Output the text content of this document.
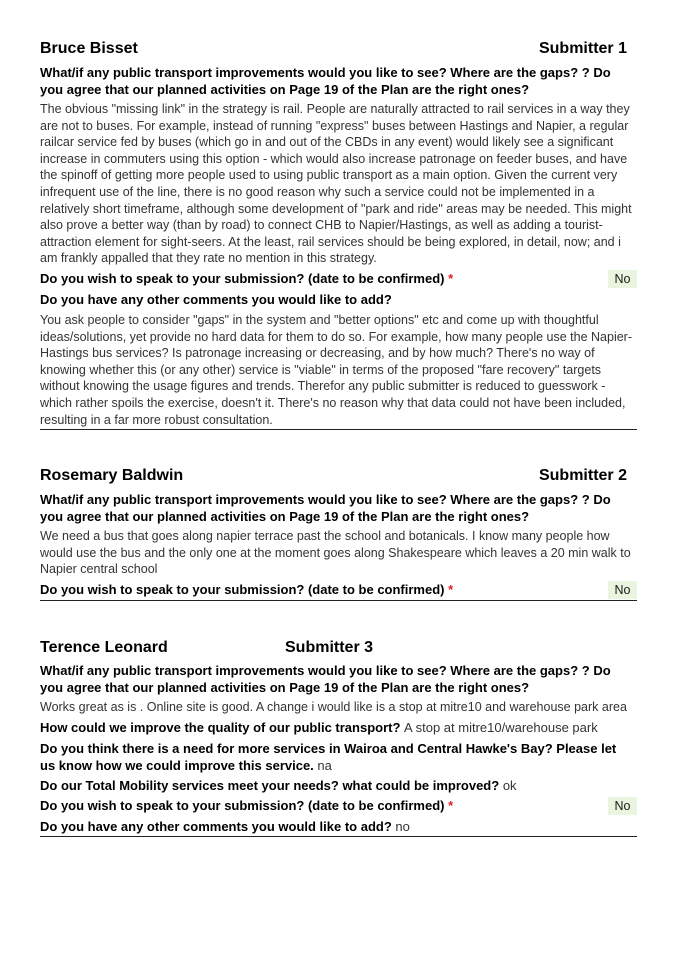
Bruce Bisset	Submitter 1
What/if any public transport improvements would you like to see? Where are the gaps? ? Do you agree that our planned activities on Page 19 of the Plan are the right ones?
The obvious "missing link" in the strategy is rail. People are naturally attracted to rail services in a way they are not to buses. For example, instead of running "express" buses between Hastings and Napier, a regular railcar service fed by buses (which go in and out of the CBDs in any event) would likely see a significant increase in commuters using this option - which would also increase patronage on feeder buses, and have the spinoff of getting more people used to using public transport as a main option. Given the current very infrequent use of the line, there is no good reason why such a service could not be implemented in a relatively short timeframe, although some development of "park and ride" areas may be needed. This might also prove a better way (than by road) to connect CHB to Napier/Hastings, as well as adding a tourist-attraction element for sight-seers. At the least, rail services should be being explored, in detail, now; and i am frankly appalled that they rate no mention in this strategy.
Do you wish to speak to your submission? (date to be confirmed) *	No
Do you have any other comments you would like to add?
You ask people to consider "gaps" in the system and "better options" etc and come up with thoughtful ideas/solutions, yet provide no hard data for them to do so. For example, how many people use the Napier-Hastings bus services? Is patronage increasing or decreasing, and by how much? There's no way of knowing whether this (or any other) service is "viable" in terms of the proposed "fare recovery" targets without knowing the usage figures and trends. Therefor any public submitter is reduced to guesswork - which rather spoils the exercise, doesn't it. There's no reason why that data could not have been included, resulting in a far more robust consultation.
Rosemary Baldwin	Submitter 2
What/if any public transport improvements would you like to see? Where are the gaps? ? Do you agree that our planned activities on Page 19 of the Plan are the right ones?
We need a bus that goes along napier terrace past the school and botanicals. I know many people how would use the bus and the only one at the moment goes along Shakespeare which leaves a 20 min walk to Napier central school
Do you wish to speak to your submission? (date to be confirmed) *	No
Terence Leonard	Submitter 3
What/if any public transport improvements would you like to see? Where are the gaps? ? Do you agree that our planned activities on Page 19 of the Plan are the right ones?
Works great as is . Online site is good. A change i would like is a stop at mitre10 and warehouse park area
How could we improve the quality of our public transport? A stop at mitre10/warehouse park
Do you think there is a need for more services in Wairoa and Central Hawke's Bay? Please let us know how we could improve this service. na
Do our Total Mobility services meet your needs? what could be improved? ok
Do you wish to speak to your submission? (date to be confirmed) *	No
Do you have any other comments you would like to add? no
